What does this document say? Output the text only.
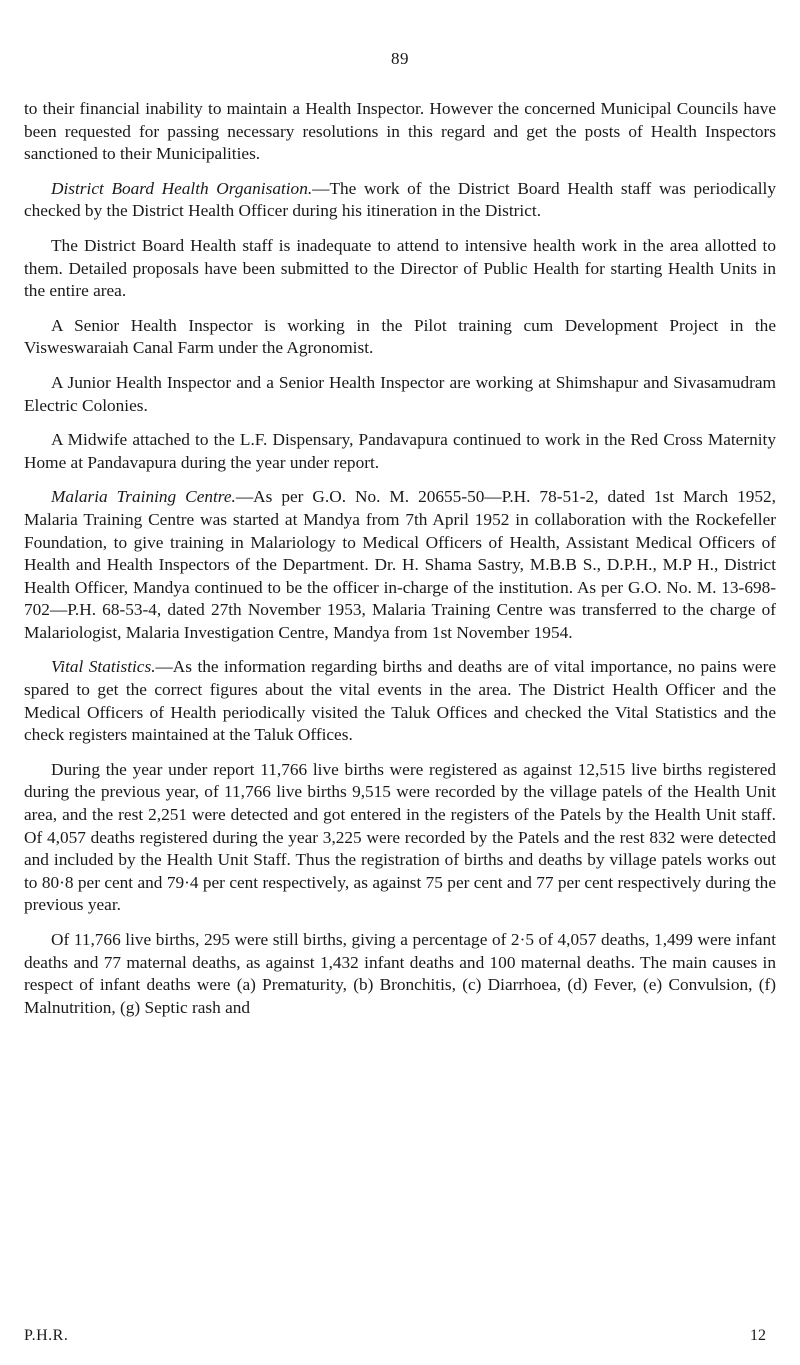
89

to their financial inability to maintain a Health Inspector. However the concerned Municipal Councils have been requested for passing necessary resolutions in this regard and get the posts of Health Inspectors sanctioned to their Municipalities.

District Board Health Organisation.—The work of the District Board Health staff was periodically checked by the District Health Officer during his itineration in the District.

The District Board Health staff is inadequate to attend to intensive health work in the area allotted to them. Detailed proposals have been submitted to the Director of Public Health for starting Health Units in the entire area.

A Senior Health Inspector is working in the Pilot training cum Development Project in the Visweswaraiah Canal Farm under the Agronomist.

A Junior Health Inspector and a Senior Health Inspector are working at Shimshapur and Sivasamudram Electric Colonies.

A Midwife attached to the L.F. Dispensary, Pandavapura continued to work in the Red Cross Maternity Home at Pandavapura during the year under report.

Malaria Training Centre.—As per G.O. No. M. 20655-50—P.H. 78-51-2, dated 1st March 1952, Malaria Training Centre was started at Mandya from 7th April 1952 in collaboration with the Rockefeller Foundation, to give training in Malariology to Medical Officers of Health, Assistant Medical Officers of Health and Health Inspectors of the Department. Dr. H. Shama Sastry, M.B.B S., D.P.H., M.P H., District Health Officer, Mandya continued to be the officer in-charge of the institution. As per G.O. No. M. 13-698-702—P.H. 68-53-4, dated 27th November 1953, Malaria Training Centre was transferred to the charge of Malariologist, Malaria Investigation Centre, Mandya from 1st November 1954.

Vital Statistics.—As the information regarding births and deaths are of vital importance, no pains were spared to get the correct figures about the vital events in the area. The District Health Officer and the Medical Officers of Health periodically visited the Taluk Offices and checked the Vital Statistics and the check registers maintained at the Taluk Offices.

During the year under report 11,766 live births were registered as against 12,515 live births registered during the previous year, of 11,766 live births 9,515 were recorded by the village patels of the Health Unit area, and the rest 2,251 were detected and got entered in the registers of the Patels by the Health Unit staff. Of 4,057 deaths registered during the year 3,225 were recorded by the Patels and the rest 832 were detected and included by the Health Unit Staff. Thus the registration of births and deaths by village patels works out to 80·8 per cent and 79·4 per cent respectively, as against 75 per cent and 77 per cent respectively during the previous year.

Of 11,766 live births, 295 were still births, giving a percentage of 2·5 of 4,057 deaths, 1,499 were infant deaths and 77 maternal deaths, as against 1,432 infant deaths and 100 maternal deaths. The main causes in respect of infant deaths were (a) Prematurity, (b) Bronchitis, (c) Diarrhoea, (d) Fever, (e) Convulsion, (f) Malnutrition, (g) Septic rash and

P.H.R.	12
